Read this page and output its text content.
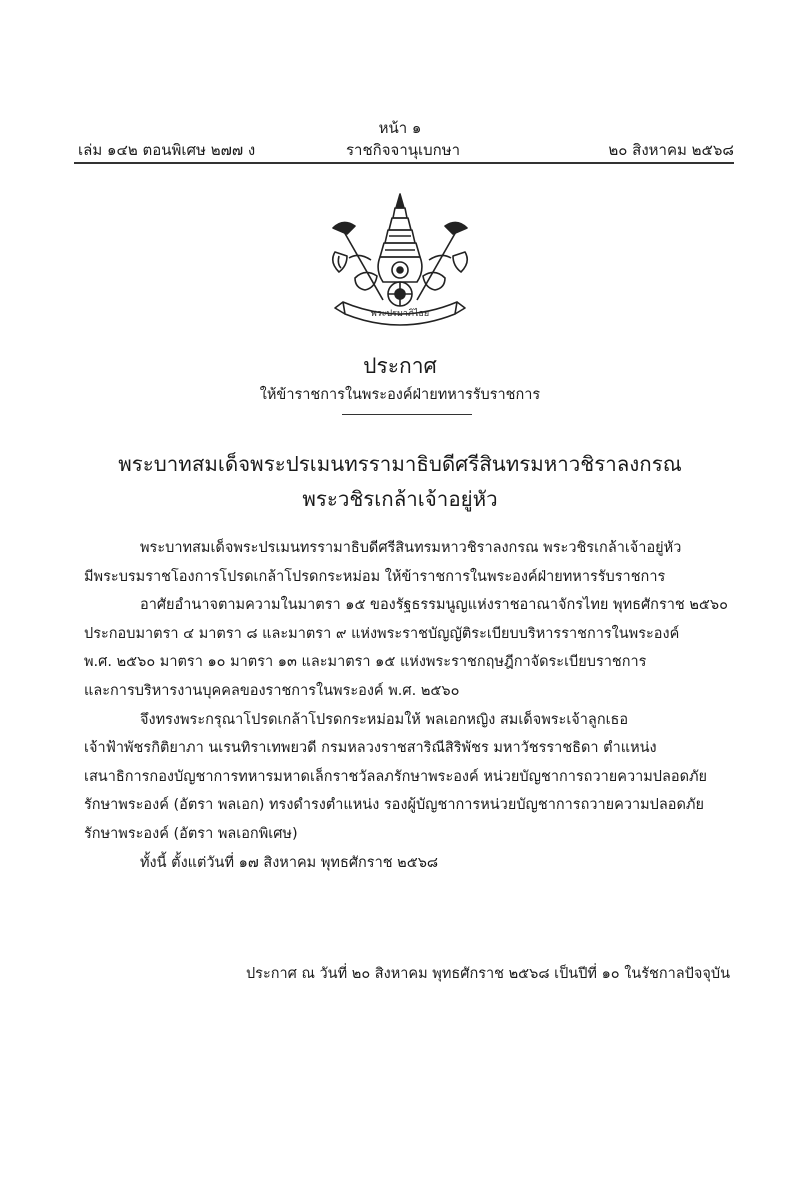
หน้า ๑
เล่ม ๑๔๒ ตอนพิเศษ ๒๗๗ ง	ราชกิจจานุเบกษา	๒๐ สิงหาคม ๒๕๖๘
พระปรมาภิไธย
ประกาศ
ให้ข้าราชการในพระองค์ฝ่ายทหารรับราชการ
พระบาทสมเด็จพระปรเมนทรรามาธิบดีศรีสินทรมหาวชิราลงกรณ
พระวชิรเกล้าเจ้าอยู่หัว

พระบาทสมเด็จพระปรเมนทรรามาธิบดีศรีสินทรมหาวชิราลงกรณ พระวชิรเกล้าเจ้าอยู่หัว

มีพระบรมราชโองการโปรดเกล้าโปรดกระหม่อม ให้ข้าราชการในพระองค์ฝ่ายทหารรับราชการ

อาศัยอำนาจตามความในมาตรา ๑๕ ของรัฐธรรมนูญแห่งราชอาณาจักรไทย พุทธศักราช ๒๕๖๐

ประกอบมาตรา ๔ มาตรา ๘ และมาตรา ๙ แห่งพระราชบัญญัติระเบียบบริหารราชการในพระองค์

พ.ศ. ๒๕๖๐ มาตรา ๑๐ มาตรา ๑๓ และมาตรา ๑๕ แห่งพระราชกฤษฎีกาจัดระเบียบราชการ

และการบริหารงานบุคคลของราชการในพระองค์ พ.ศ. ๒๕๖๐

จึงทรงพระกรุณาโปรดเกล้าโปรดกระหม่อมให้ พลเอกหญิง สมเด็จพระเจ้าลูกเธอ

เจ้าฟ้าพัชรกิติยาภา นเรนทิราเทพยวดี กรมหลวงราชสาริณีสิริพัชร มหาวัชรราชธิดา ตำแหน่ง

เสนาธิการกองบัญชาการทหารมหาดเล็กราชวัลลภรักษาพระองค์ หน่วยบัญชาการถวายความปลอดภัย

รักษาพระองค์ (อัตรา พลเอก) ทรงดำรงตำแหน่ง รองผู้บัญชาการหน่วยบัญชาการถวายความปลอดภัย

รักษาพระองค์ (อัตรา พลเอกพิเศษ)

ทั้งนี้ ตั้งแต่วันที่ ๑๗ สิงหาคม พุทธศักราช ๒๕๖๘

ประกาศ ณ วันที่ ๒๐ สิงหาคม พุทธศักราช ๒๕๖๘ เป็นปีที่ ๑๐ ในรัชกาลปัจจุบัน
